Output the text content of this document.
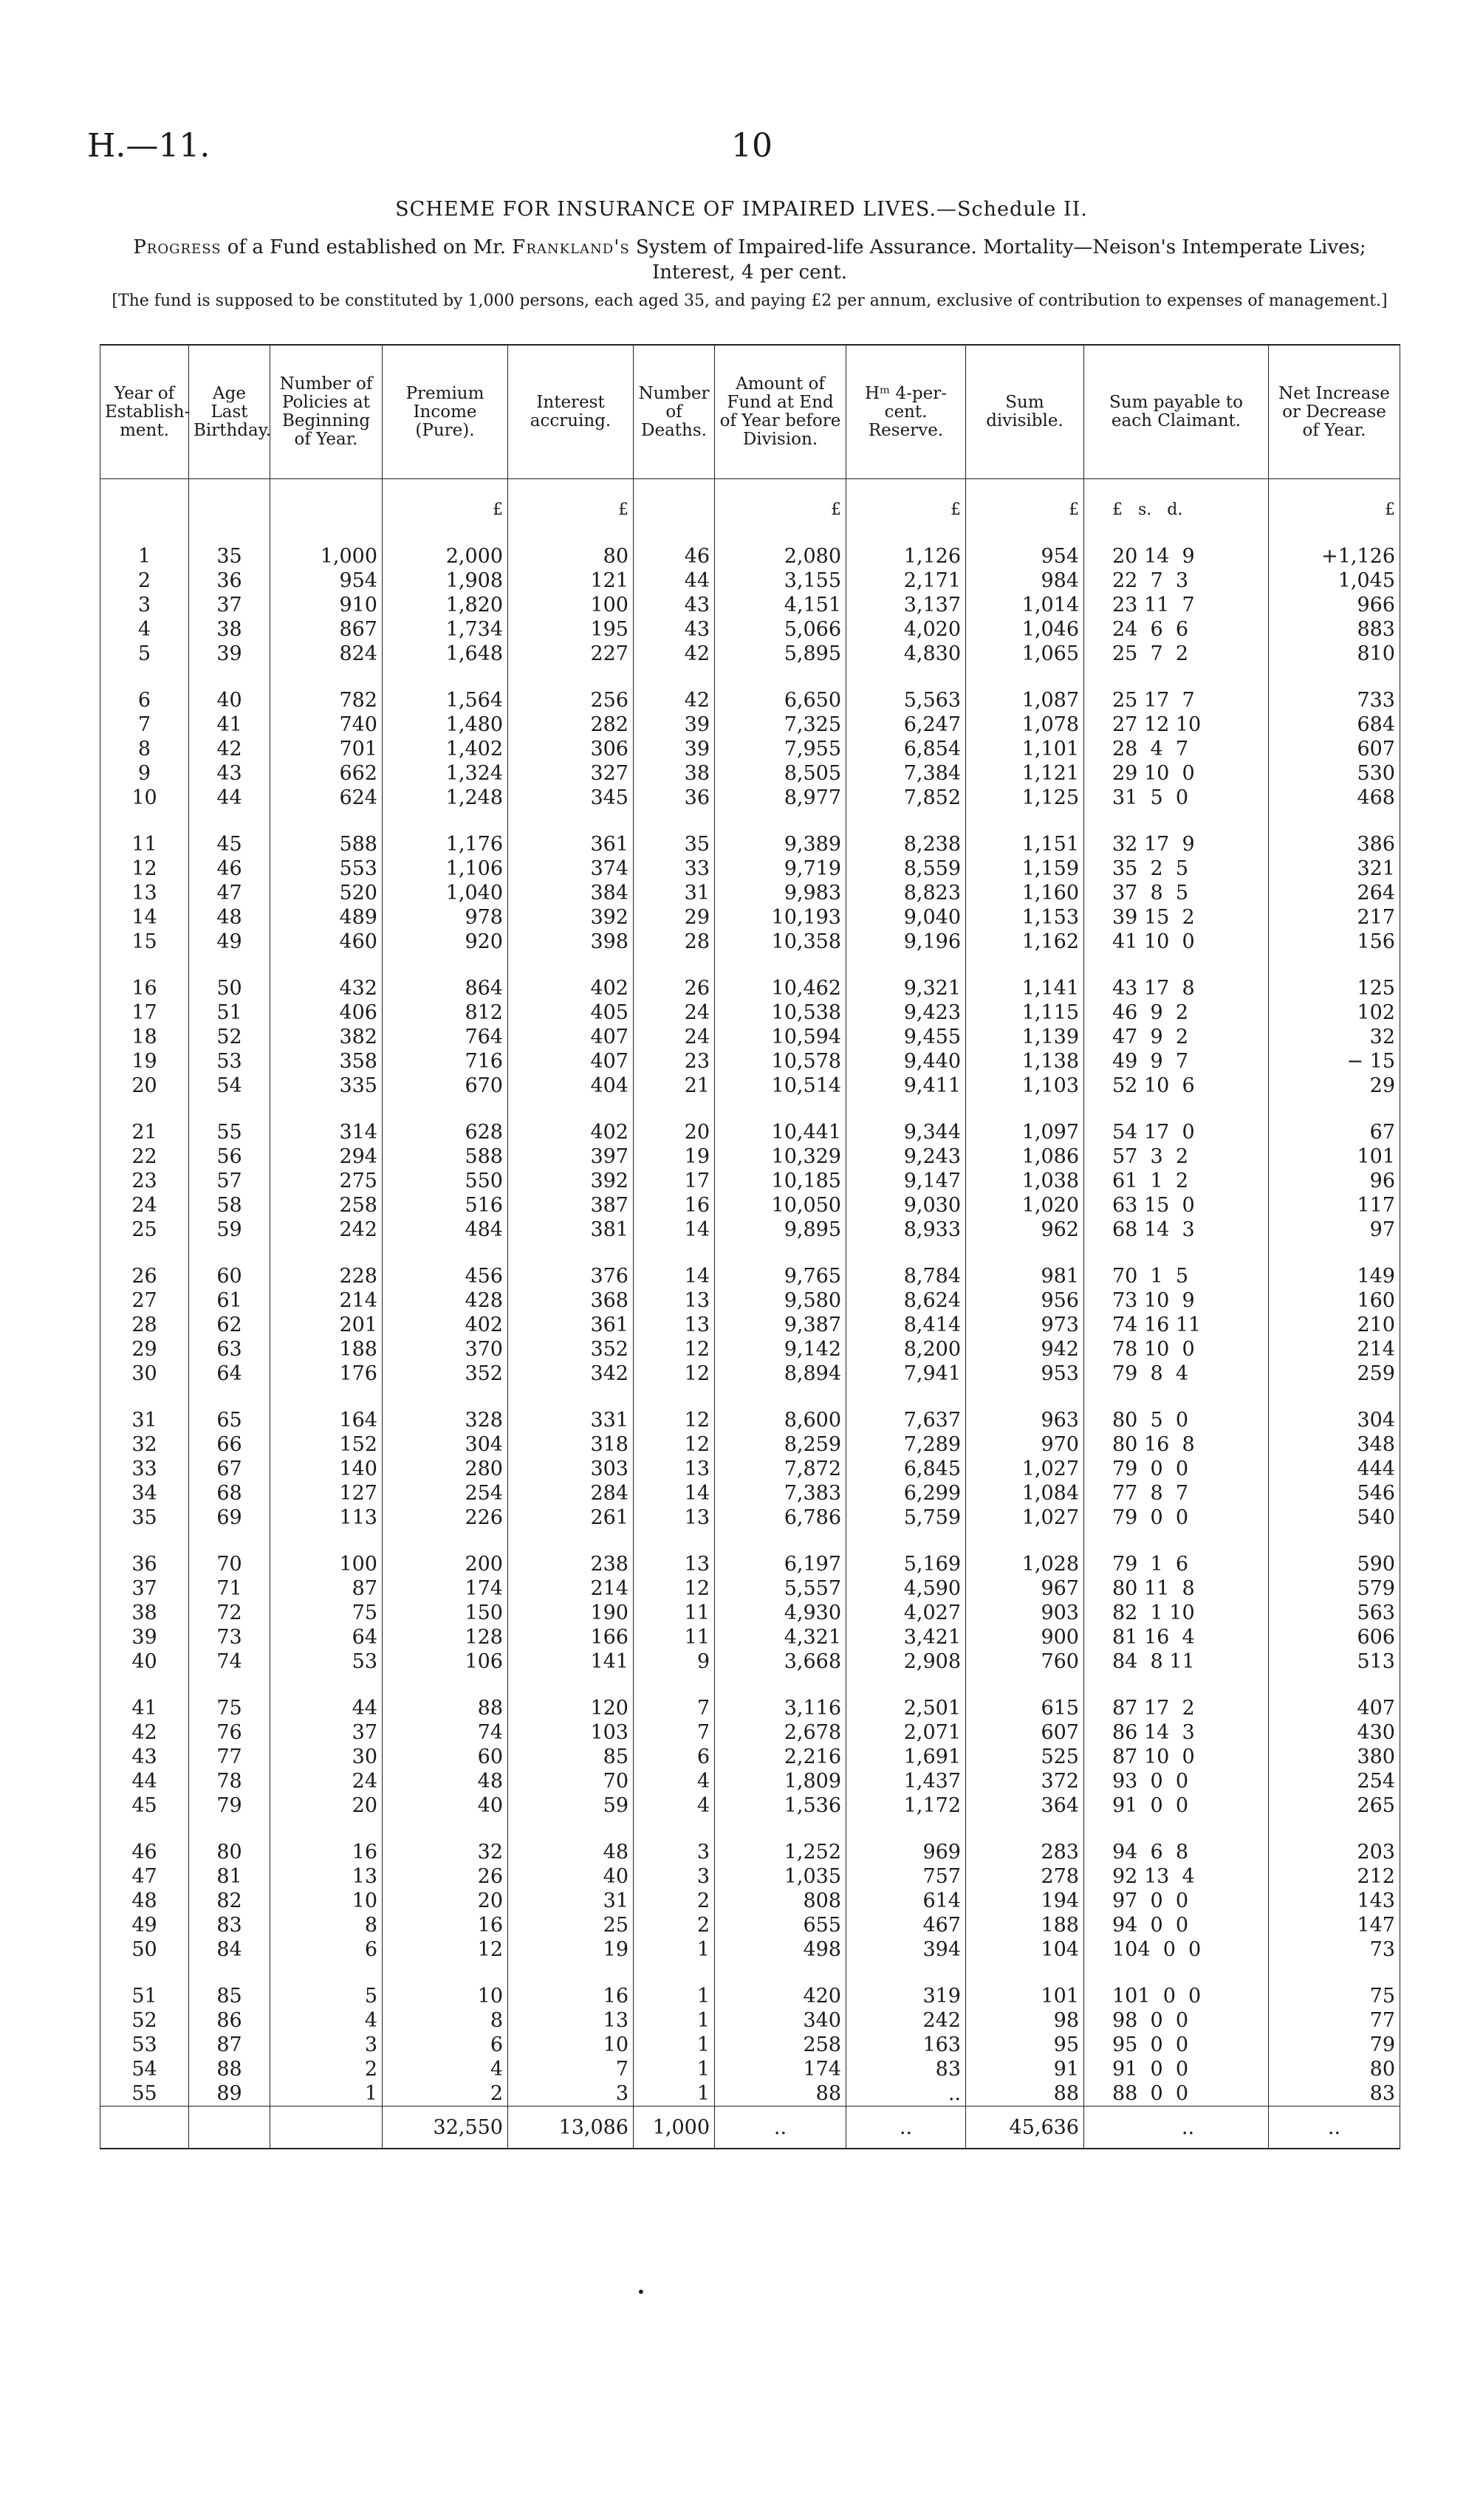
H.—11.	10
SCHEME FOR INSURANCE OF IMPAIRED LIVES.—Schedule II.
Progress of a Fund established on Mr. Frankland's System of Impaired-life Assurance. Mortality—Neison's Intemperate Lives; Interest, 4 per cent.
[The fund is supposed to be constituted by 1,000 persons, each aged 35, and paying £2 per annum, exclusive of contribution to expenses of management.]
Year of Establish-ment.	Age Last Birthday.	Number of Policies at Beginning of Year.	Premium Income (Pure).	Interest accruing.	Number of Deaths.	Amount of Fund at End of Year before Division.	Hᵐ 4-per-cent. Reserve.	Sum divisible.	Sum payable to each Claimant.	Net Increase or Decrease of Year.
			£	£		£	£	£	£   s.   d.	£

1	35	1,000	2,000	80	46	2,080	1,126	954	20 14  9	+1,126
2	36	954	1,908	121	44	3,155	2,171	984	22  7  3	1,045
3	37	910	1,820	100	43	4,151	3,137	1,014	23 11  7	966
4	38	867	1,734	195	43	5,066	4,020	1,046	24  6  6	883
5	39	824	1,648	227	42	5,895	4,830	1,065	25  7  2	810

6	40	782	1,564	256	42	6,650	5,563	1,087	25 17  7	733
7	41	740	1,480	282	39	7,325	6,247	1,078	27 12 10	684
8	42	701	1,402	306	39	7,955	6,854	1,101	28  4  7	607
9	43	662	1,324	327	38	8,505	7,384	1,121	29 10  0	530
10	44	624	1,248	345	36	8,977	7,852	1,125	31  5  0	468

11	45	588	1,176	361	35	9,389	8,238	1,151	32 17  9	386
12	46	553	1,106	374	33	9,719	8,559	1,159	35  2  5	321
13	47	520	1,040	384	31	9,983	8,823	1,160	37  8  5	264
14	48	489	978	392	29	10,193	9,040	1,153	39 15  2	217
15	49	460	920	398	28	10,358	9,196	1,162	41 10  0	156

16	50	432	864	402	26	10,462	9,321	1,141	43 17  8	125
17	51	406	812	405	24	10,538	9,423	1,115	46  9  2	102
18	52	382	764	407	24	10,594	9,455	1,139	47  9  2	32
19	53	358	716	407	23	10,578	9,440	1,138	49  9  7	− 15
20	54	335	670	404	21	10,514	9,411	1,103	52 10  6	29

21	55	314	628	402	20	10,441	9,344	1,097	54 17  0	67
22	56	294	588	397	19	10,329	9,243	1,086	57  3  2	101
23	57	275	550	392	17	10,185	9,147	1,038	61  1  2	96
24	58	258	516	387	16	10,050	9,030	1,020	63 15  0	117
25	59	242	484	381	14	9,895	8,933	962	68 14  3	97

26	60	228	456	376	14	9,765	8,784	981	70  1  5	149
27	61	214	428	368	13	9,580	8,624	956	73 10  9	160
28	62	201	402	361	13	9,387	8,414	973	74 16 11	210
29	63	188	370	352	12	9,142	8,200	942	78 10  0	214
30	64	176	352	342	12	8,894	7,941	953	79  8  4	259

31	65	164	328	331	12	8,600	7,637	963	80  5  0	304
32	66	152	304	318	12	8,259	7,289	970	80 16  8	348
33	67	140	280	303	13	7,872	6,845	1,027	79  0  0	444
34	68	127	254	284	14	7,383	6,299	1,084	77  8  7	546
35	69	113	226	261	13	6,786	5,759	1,027	79  0  0	540

36	70	100	200	238	13	6,197	5,169	1,028	79  1  6	590
37	71	87	174	214	12	5,557	4,590	967	80 11  8	579
38	72	75	150	190	11	4,930	4,027	903	82  1 10	563
39	73	64	128	166	11	4,321	3,421	900	81 16  4	606
40	74	53	106	141	9	3,668	2,908	760	84  8 11	513

41	75	44	88	120	7	3,116	2,501	615	87 17  2	407
42	76	37	74	103	7	2,678	2,071	607	86 14  3	430
43	77	30	60	85	6	2,216	1,691	525	87 10  0	380
44	78	24	48	70	4	1,809	1,437	372	93  0  0	254
45	79	20	40	59	4	1,536	1,172	364	91  0  0	265

46	80	16	32	48	3	1,252	969	283	94  6  8	203
47	81	13	26	40	3	1,035	757	278	92 13  4	212
48	82	10	20	31	2	808	614	194	97  0  0	143
49	83	8	16	25	2	655	467	188	94  0  0	147
50	84	6	12	19	1	498	394	104	104  0  0	73

51	85	5	10	16	1	420	319	101	101  0  0	75
52	86	4	8	13	1	340	242	98	98  0  0	77
53	87	3	6	10	1	258	163	95	95  0  0	79
54	88	2	4	7	1	174	83	91	91  0  0	80
55	89	1	2	3	1	88	..	88	88  0  0	83
			32,550	13,086	1,000	..	..	45,636	..	..
•
